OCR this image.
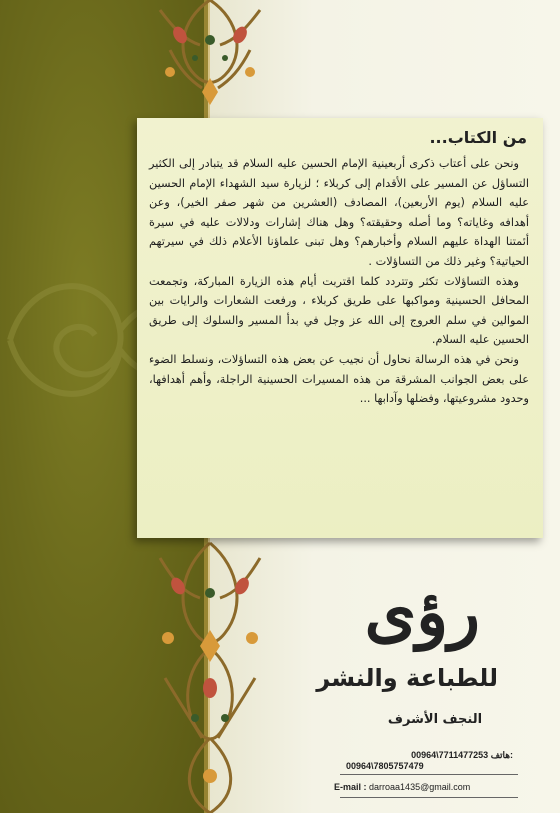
من الكتاب...

ونحن على أعتاب ذكرى أربعينية الإمام الحسين عليه السلام قد يتبادر إلى الكثير التساؤل عن المسير على الأقدام إلى كربلاء ؛ لزيارة سيد الشهداء الإمام الحسين عليه السلام (يوم الأربعين)، المصادف (العشرين من شهر صفر الخير)، وعن أهدافه وغاياته؟ وما أصله وحقيقته؟ وهل هناك إشارات ودلالات عليه في سيرة أئمتنا الهداة عليهم السلام وأخبارهم؟ وهل تبنى علماؤنا الأعلام ذلك في سيرتهم الحياتية؟ وغير ذلك من التساؤلات .

وهذه التساؤلات تكثر وتتردد كلما اقتربت أيام هذه الزيارة المباركة، وتجمعت المحافل الحسينية ومواكبها على طريق كربلاء ، ورفعت الشعارات والرايات بين الموالين في سلم العروج إلى الله عز وجل في بدأ المسير والسلوك إلى طريق الحسين عليه السلام.

ونحن في هذه الرسالة نحاول أن نجيب عن بعض هذه التساؤلات، ونسلط الضوء على بعض الجوانب المشرقة من هذه المسيرات الحسينية الراجلة، وأهم أهدافها، وحدود مشروعيتها، وفضلها وآدابها ...

رؤى
للطباعة والنشر
النجف الأشرف
00964\7711477253 هاتف:
00964\7805757479
E-mail : darroaa1435@gmail.com
